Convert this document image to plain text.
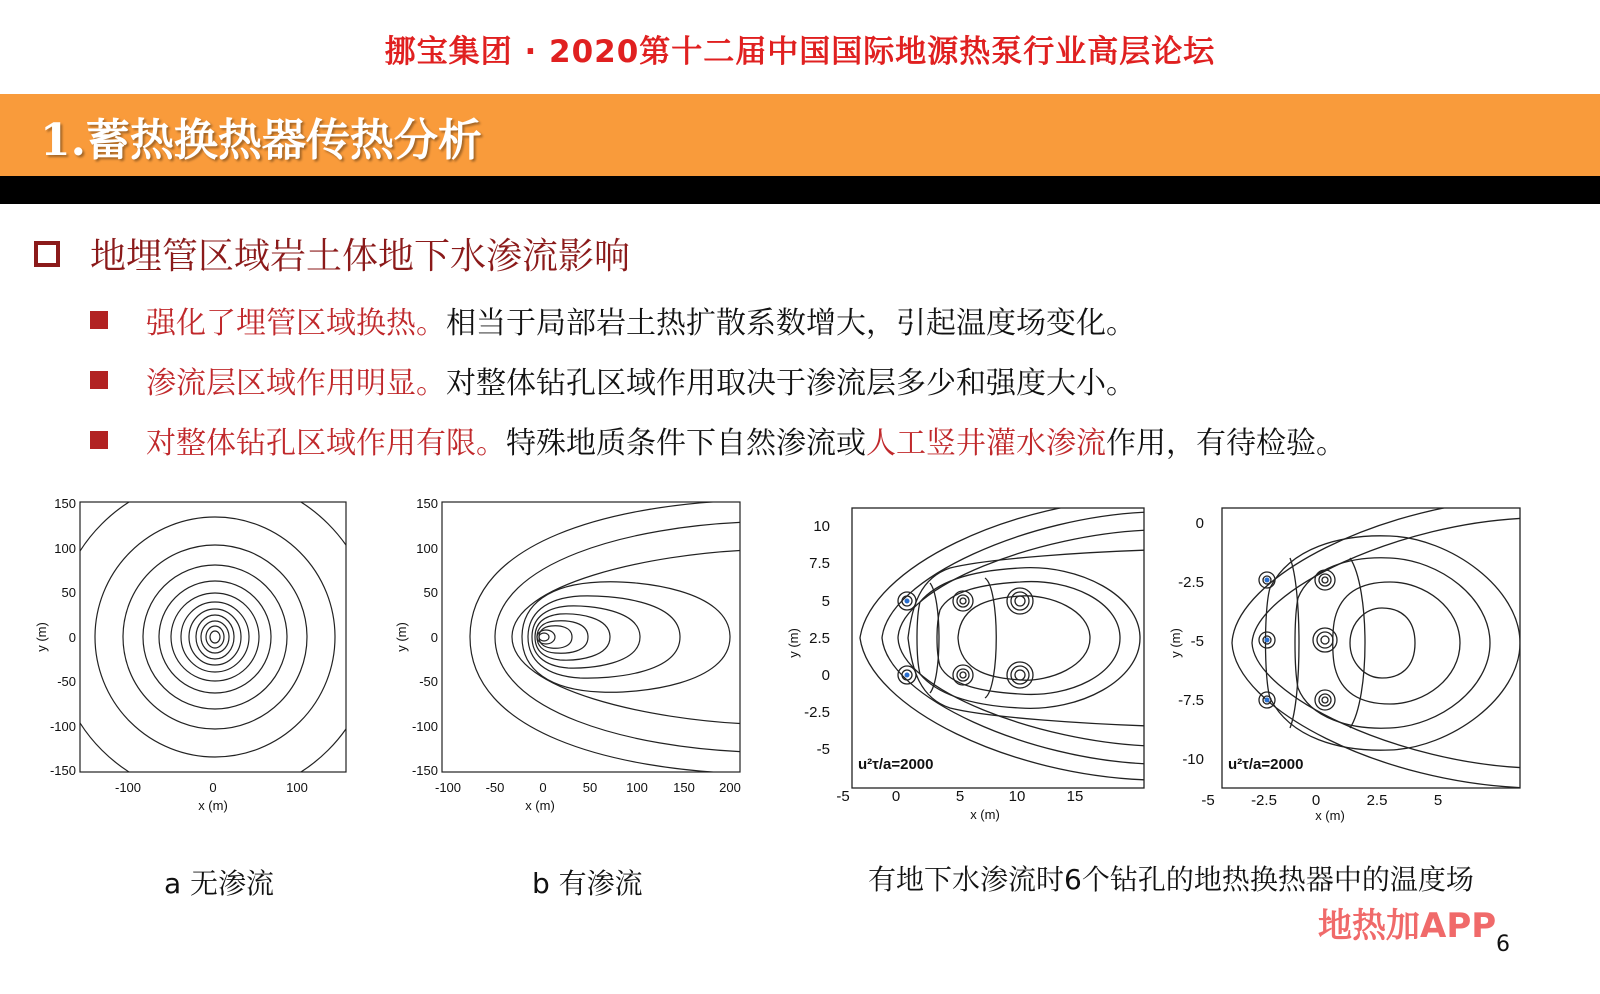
挪宝集团 · 2020第十二届中国国际地源热泵行业高层论坛
1.蓄热换热器传热分析
地埋管区域岩土体地下水渗流影响
强化了埋管区域换热。 相当于局部岩土热扩散系数增大，引起温度场变化。
渗流层区域作用明显。 对整体钻孔区域作用取决于渗流层多少和强度大小。
对整体钻孔区域作用有限。 特殊地质条件下自然渗流或 人工竖井灌水渗流 作用，有待检验。
150
100
50
0
-50
-100
-150
-100	0	100
x (m)
y (m)
150
100
50
0
-50
-100
-150
-100 -50	0	50 100 150 200
x (m)
y (m)
10
7.5
5
2.5
0
-2.5
-5
-5	0	5	10	15
x (m)
y (m)
u²τ/a=2000
0
-2.5
-5
-7.5
-10
-5 -2.5 0	2.5	5
x (m)
y (m)
u²τ/a=2000
a 无渗流	b 有渗流	有地下水渗流时6个钻孔的地热换热器中的温度场
地热加APP 6
